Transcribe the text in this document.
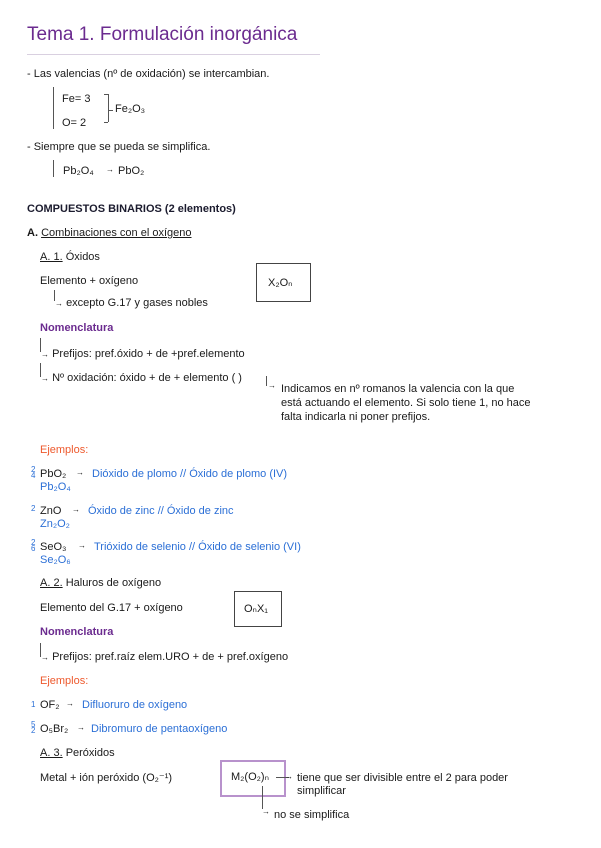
Tema 1. Formulación inorgánica
- Las valencias (nº de oxidación) se intercambian.
Fe= 3
O= 2
Fe₂O₃
- Siempre que se pueda se simplifica.
Pb₂O₄ → PbO₂
COMPUESTOS BINARIOS (2 elementos)
A. Combinaciones con el oxígeno
A. 1. Óxidos
Elemento + oxígeno	X₂Oₙ
→ excepto G.17 y gases nobles
Nomenclatura
→ Prefijos: pref.óxido + de +pref.elemento
→ Nº oxidación: óxido + de + elemento ( )
→ Indicamos en nº romanos la valencia con la que
está actuando el elemento. Si solo tiene 1, no hace
falta indicarla ni poner prefijos.
Ejemplos:
2 4 PbO₂ → Dióxido de plomo // Óxido de plomo (IV)
Pb₂O₄
2 ZnO → Óxido de zinc // Óxido de zinc
Zn₂O₂
2 6 SeO₃ → Trióxido de selenio // Óxido de selenio (VI)
Se₂O₆
A. 2. Haluros de oxígeno
Elemento del G.17 + oxígeno	OₙX₁
Nomenclatura
→ Prefijos: pref.raíz elem.URO + de + pref.oxígeno
Ejemplos:
1 OF₂ → Difluoruro de oxígeno
5 2 O₅Br₂ → Dibromuro de pentaoxígeno
A. 3. Peróxidos
Metal + ión peróxido (O₂⁻¹)	M₂(O₂)ₙ → tiene que ser divisible entre el 2 para poder
simplificar
→ no se simplifica
